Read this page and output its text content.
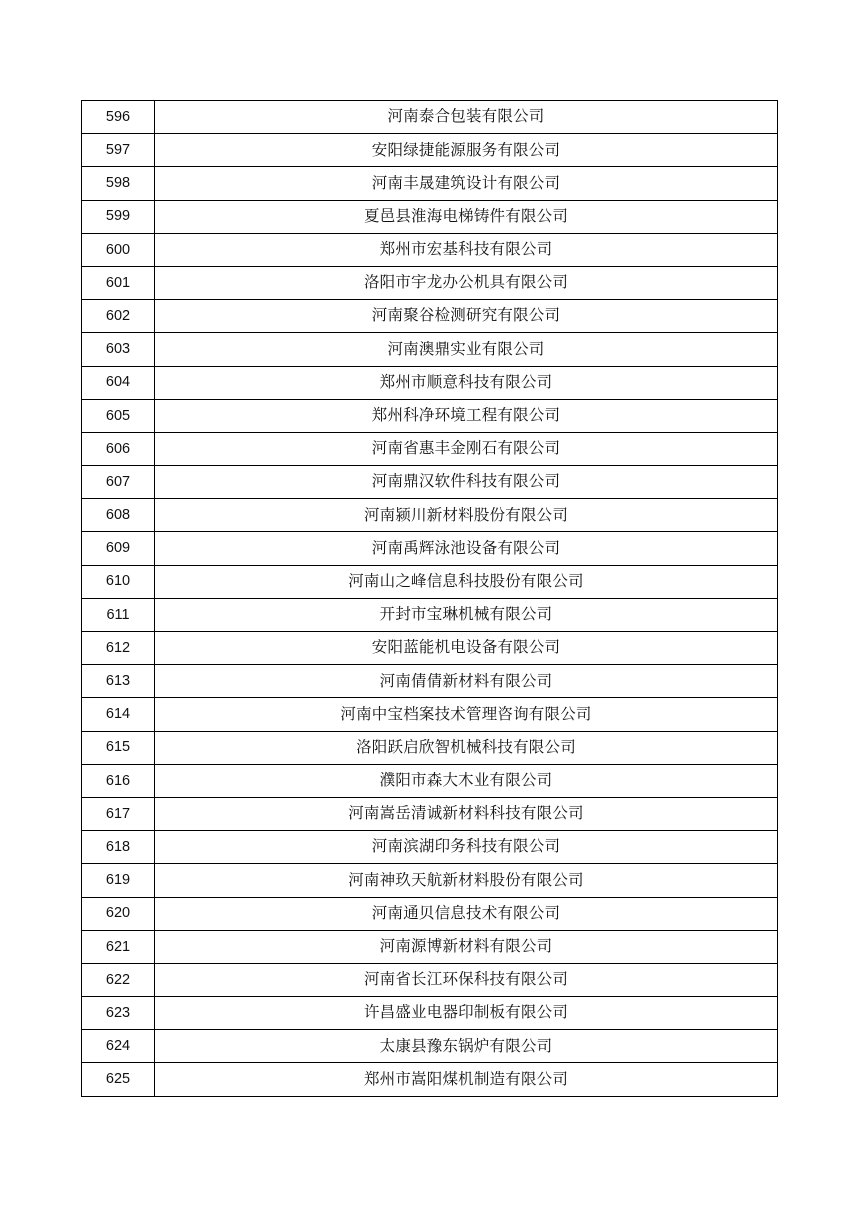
596	河南泰合包装有限公司
597	安阳绿捷能源服务有限公司
598	河南丰晟建筑设计有限公司
599	夏邑县淮海电梯铸件有限公司
600	郑州市宏基科技有限公司
601	洛阳市宇龙办公机具有限公司
602	河南聚谷检测研究有限公司
603	河南澳鼎实业有限公司
604	郑州市顺意科技有限公司
605	郑州科净环境工程有限公司
606	河南省惠丰金刚石有限公司
607	河南鼎汉软件科技有限公司
608	河南颍川新材料股份有限公司
609	河南禹辉泳池设备有限公司
610	河南山之峰信息科技股份有限公司
611	开封市宝琳机械有限公司
612	安阳蓝能机电设备有限公司
613	河南倩倩新材料有限公司
614	河南中宝档案技术管理咨询有限公司
615	洛阳跃启欣智机械科技有限公司
616	濮阳市森大木业有限公司
617	河南嵩岳清诚新材料科技有限公司
618	河南滨湖印务科技有限公司
619	河南神玖天航新材料股份有限公司
620	河南通贝信息技术有限公司
621	河南源博新材料有限公司
622	河南省长江环保科技有限公司
623	许昌盛业电器印制板有限公司
624	太康县豫东锅炉有限公司
625	郑州市嵩阳煤机制造有限公司
